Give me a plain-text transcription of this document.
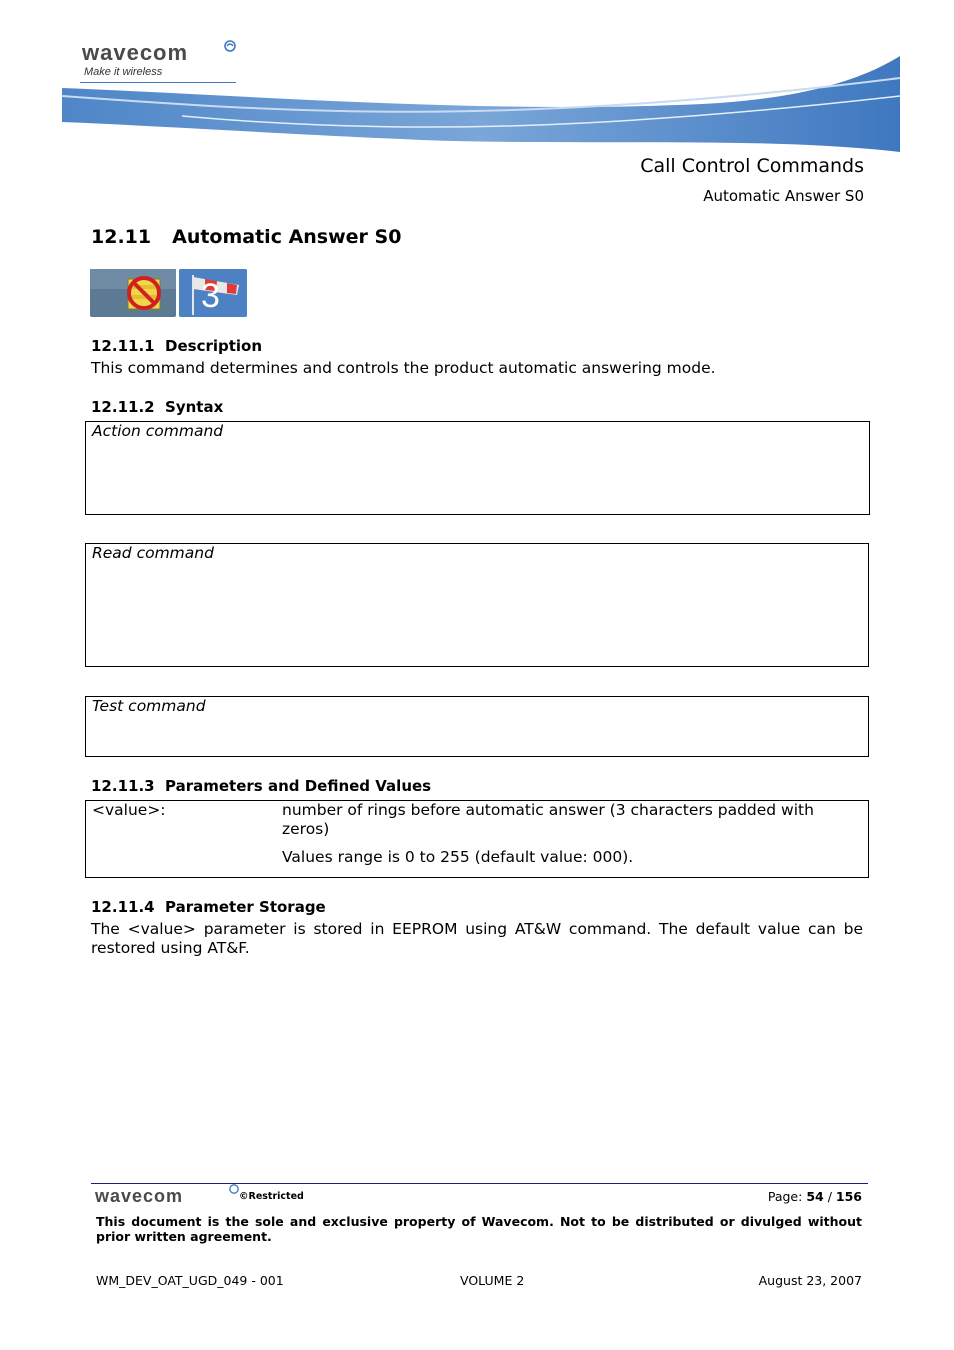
wavecom
Make it wireless
Call Control Commands
Automatic Answer S0
12.11 Automatic Answer S0
3
12.11.1  Description
This command determines and controls the product automatic answering mode.
12.11.2  Syntax
Action command
Read command
Test command
12.11.3  Parameters and Defined Values
<value>:	number of rings before automatic answer (3 characters padded with zeros)
Values range is 0 to 255 (default value: 000).
12.11.4  Parameter Storage
The <value> parameter is stored in EEPROM using AT&W command. The default value can be restored using AT&F.
wavecom	©Restricted	Page: 54 / 156
This document is the sole and exclusive property of Wavecom. Not to be distributed or divulged without prior written agreement.
WM_DEV_OAT_UGD_049 - 001	VOLUME 2	August 23, 2007
